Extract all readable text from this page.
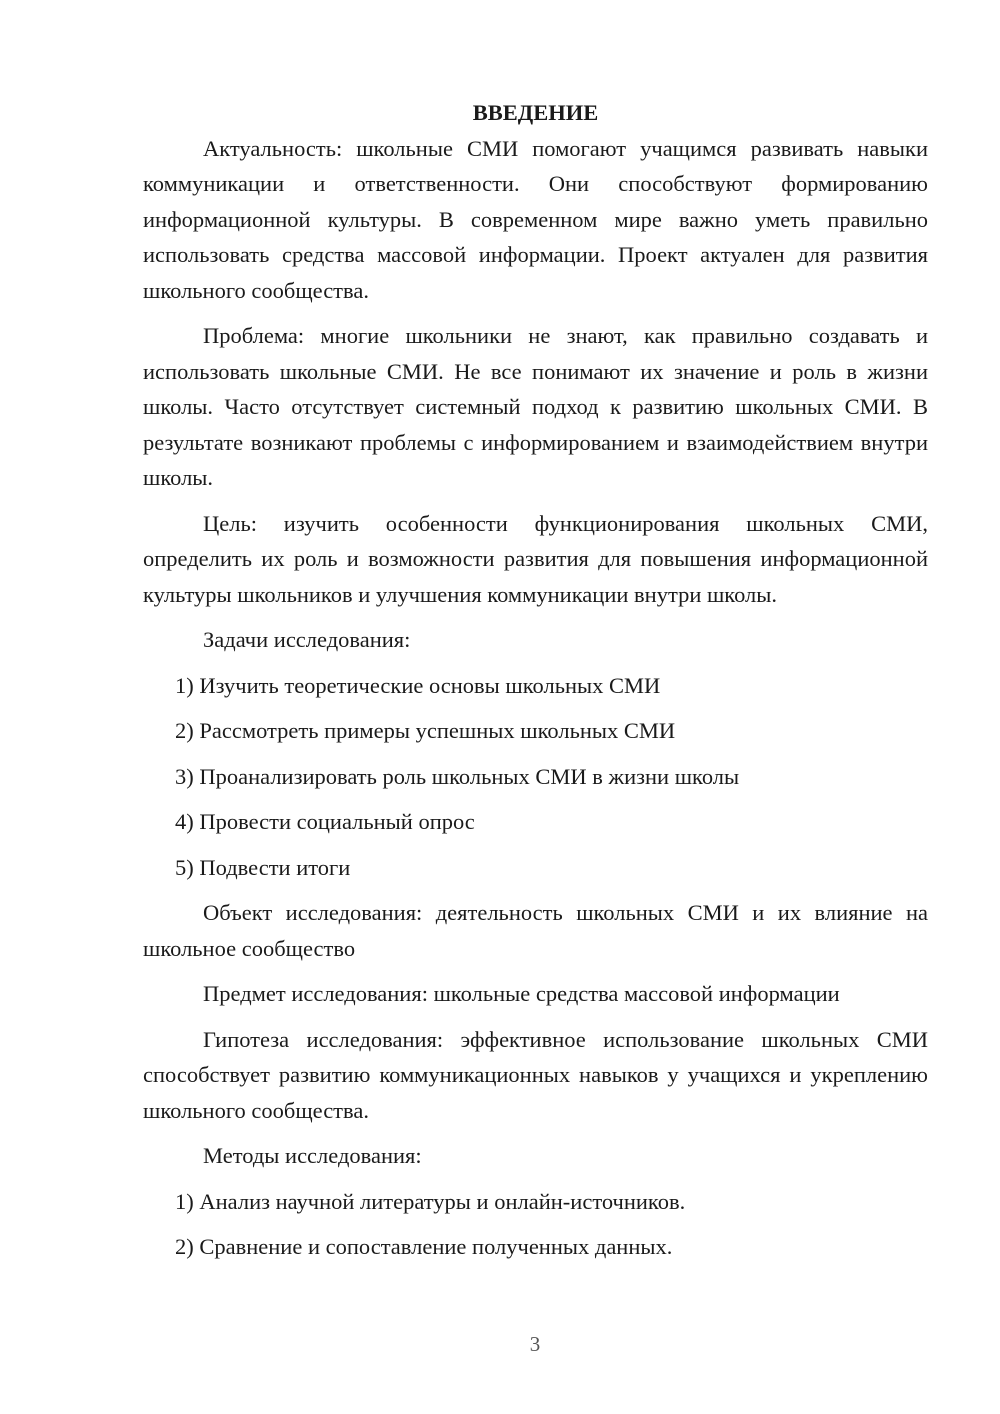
ВВЕДЕНИЕ

Актуальность: школьные СМИ помогают учащимся развивать навыки коммуникации и ответственности. Они способствуют формированию информационной культуры. В современном мире важно уметь правильно использовать средства массовой информации. Проект актуален для развития школьного сообщества.

Проблема: многие школьники не знают, как правильно создавать и использовать школьные СМИ. Не все понимают их значение и роль в жизни школы. Часто отсутствует системный подход к развитию школьных СМИ. В результате возникают проблемы с информированием и взаимодействием внутри школы.

Цель: изучить особенности функционирования школьных СМИ, определить их роль и возможности развития для повышения информационной культуры школьников и улучшения коммуникации внутри школы.

Задачи исследования:

1) Изучить теоретические основы школьных СМИ
2) Рассмотреть примеры успешных школьных СМИ
3) Проанализировать роль школьных СМИ в жизни школы
4) Провести социальный опрос
5) Подвести итоги

Объект исследования: деятельность школьных СМИ и их влияние на школьное сообщество

Предмет исследования: школьные средства массовой информации

Гипотеза исследования: эффективное использование школьных СМИ способствует развитию коммуникационных навыков у учащихся и укреплению школьного сообщества.

Методы исследования:

1) Анализ научной литературы и онлайн-источников.
2) Сравнение и сопоставление полученных данных.
3
